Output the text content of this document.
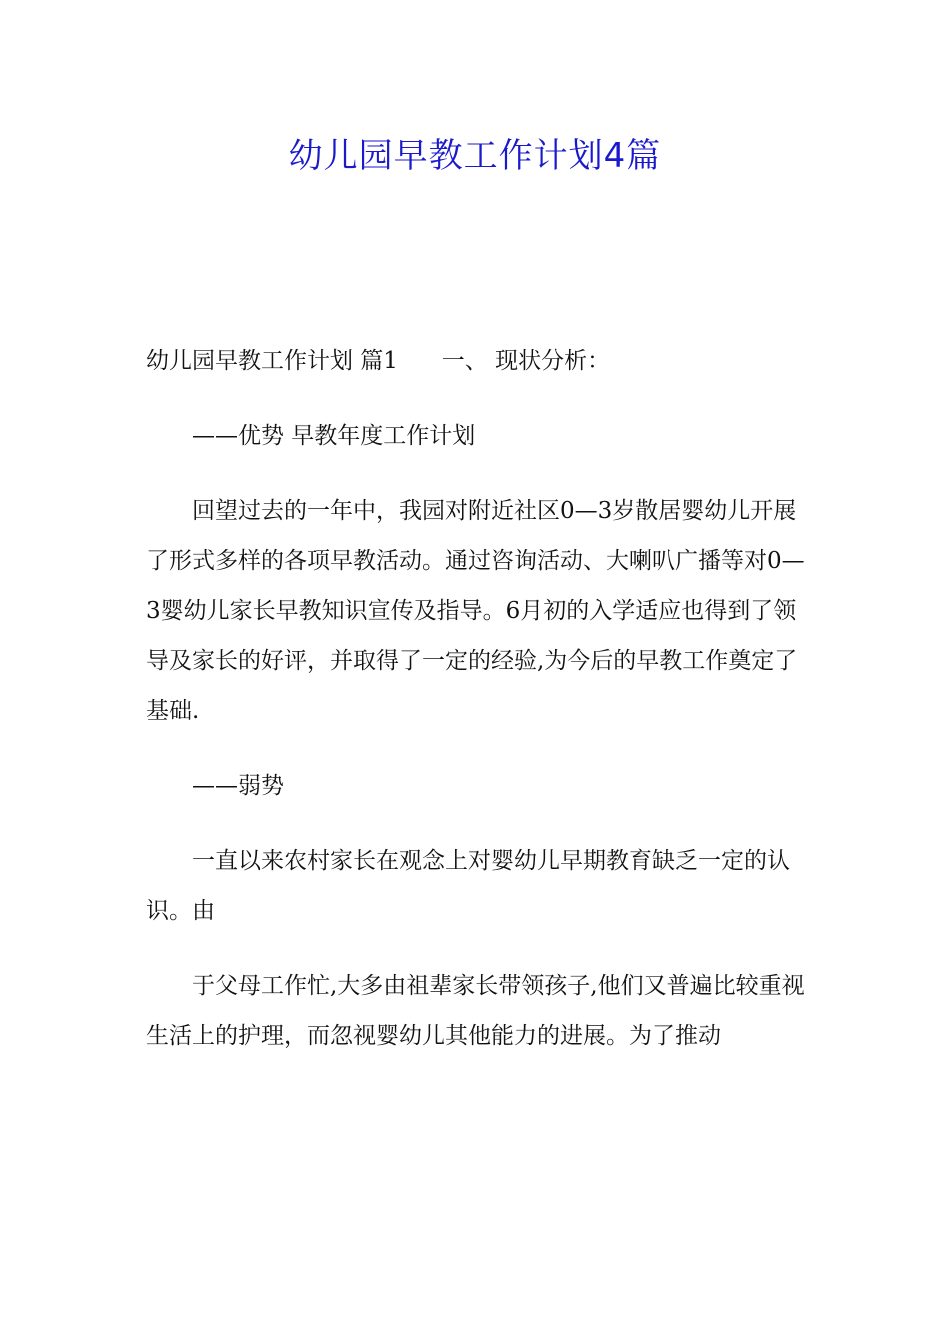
幼儿园早教工作计划4篇

幼儿园早教工作计划 篇1      一、 现状分析：

——优势 早教年度工作计划

回望过去的一年中，我园对附近社区0—3岁散居婴幼儿开展了形式多样的各项早教活动。通过咨询活动、大喇叭广播等对0—3婴幼儿家长早教知识宣传及指导。6月初的入学适应也得到了领导及家长的好评，并取得了一定的经验,为今后的早教工作奠定了基础.

——弱势

一直以来农村家长在观念上对婴幼儿早期教育缺乏一定的认识。由

于父母工作忙,大多由祖辈家长带领孩子,他们又普遍比较重视生活上的护理，而忽视婴幼儿其他能力的进展。为了推动
